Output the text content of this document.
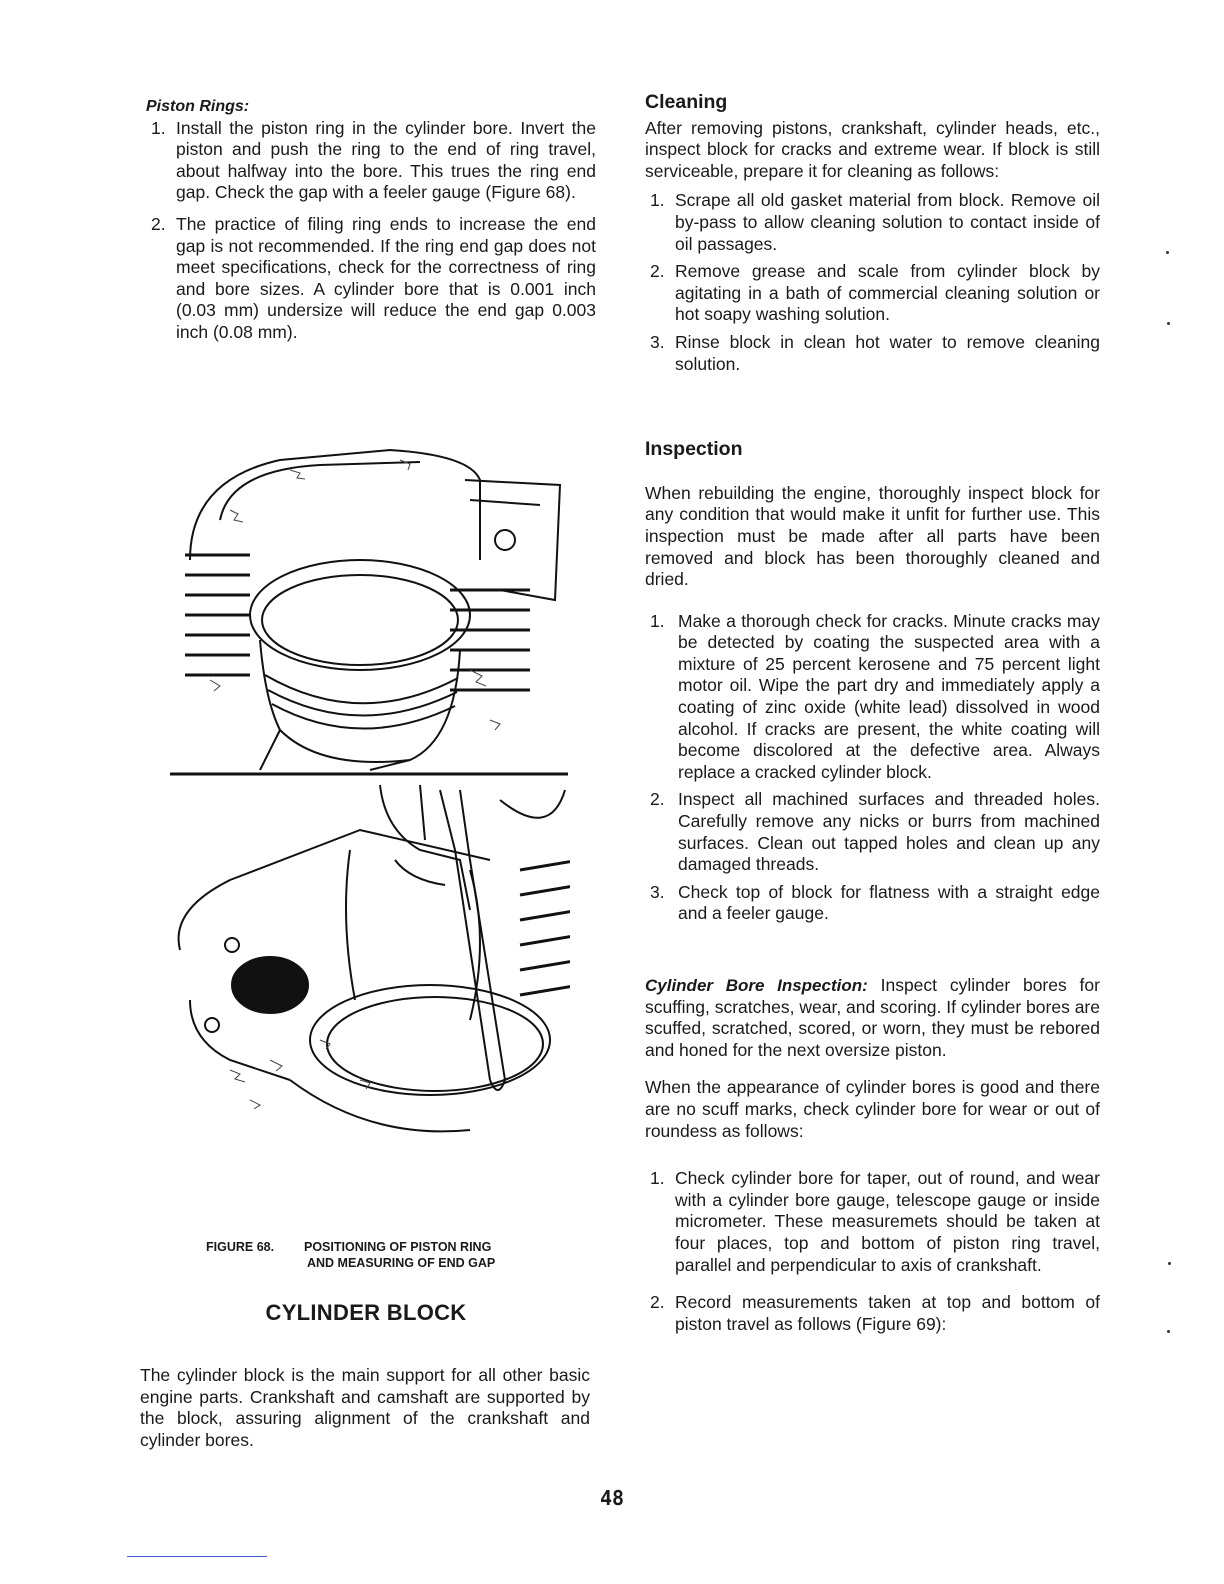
Piston Rings:
1. Install the piston ring in the cylinder bore. Invert the piston and push the ring to the end of ring travel, about halfway into the bore. This trues the ring end gap. Check the gap with a feeler gauge (Figure 68).
2. The practice of filing ring ends to increase the end gap is not recommended. If the ring end gap does not meet specifications, check for the correctness of ring and bore sizes. A cylinder bore that is 0.001 inch (0.03 mm) undersize will reduce the end gap 0.003 inch (0.08 mm).
FIGURE 68. POSITIONING OF PISTON RING
AND MEASURING OF END GAP
CYLINDER BLOCK

The cylinder block is the main support for all other basic engine parts. Crankshaft and camshaft are supported by the block, assuring alignment of the crankshaft and cylinder bores.

Cleaning

After removing pistons, crankshaft, cylinder heads, etc., inspect block for cracks and extreme wear. If block is still serviceable, prepare it for cleaning as follows:

1. Scrape all old gasket material from block. Remove oil by-pass to allow cleaning solution to contact inside of oil passages.
2. Remove grease and scale from cylinder block by agitating in a bath of commercial cleaning solution or hot soapy washing solution.
3. Rinse block in clean hot water to remove cleaning solution.
Inspection

When rebuilding the engine, thoroughly inspect block for any condition that would make it unfit for further use. This inspection must be made after all parts have been removed and block has been thoroughly cleaned and dried.

1. Make a thorough check for cracks. Minute cracks may be detected by coating the suspected area with a mixture of 25 percent kerosene and 75 percent light motor oil. Wipe the part dry and immediately apply a coating of zinc oxide (white lead) dissolved in wood alcohol. If cracks are present, the white coating will become discolored at the defective area. Always replace a cracked cylinder block.
2. Inspect all machined surfaces and threaded holes. Carefully remove any nicks or burrs from machined surfaces. Clean out tapped holes and clean up any damaged threads.
3. Check top of block for flatness with a straight edge and a feeler gauge.

Cylinder Bore Inspection: Inspect cylinder bores for scuffing, scratches, wear, and scoring. If cylinder bores are scuffed, scratched, scored, or worn, they must be rebored and honed for the next oversize piston.

When the appearance of cylinder bores is good and there are no scuff marks, check cylinder bore for wear or out of roundess as follows:

1. Check cylinder bore for taper, out of round, and wear with a cylinder bore gauge, telescope gauge or inside micrometer. These measuremets should be taken at four places, top and bottom of piston ring travel, parallel and perpendicular to axis of crankshaft.
2. Record measurements taken at top and bottom of piston travel as follows (Figure 69):
48
